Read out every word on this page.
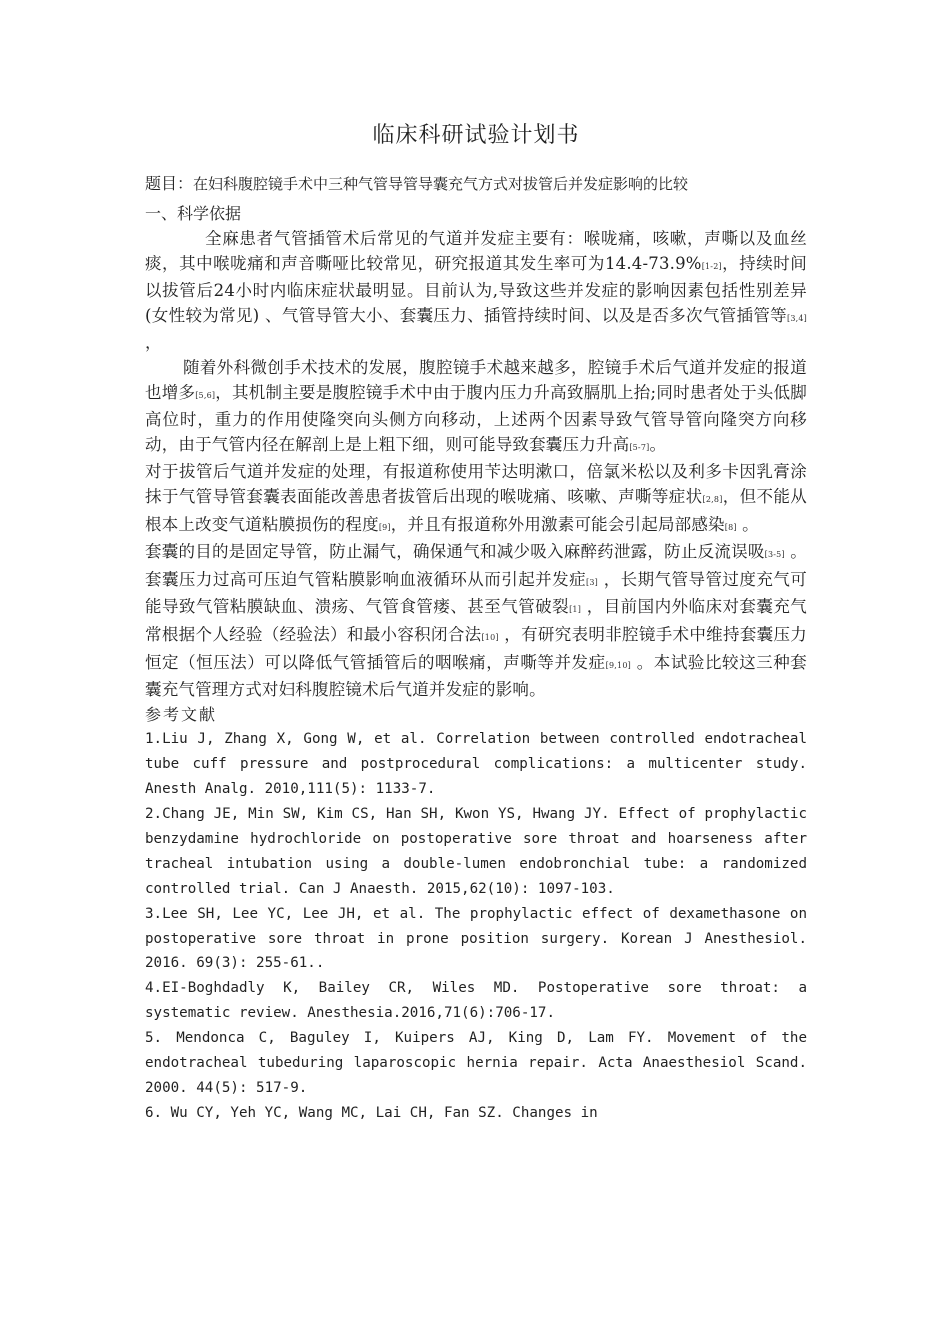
临床科研试验计划书
题目：在妇科腹腔镜手术中三种气管导管导囊充气方式对拔管后并发症影响的比较
一、科学依据

全麻患者气管插管术后常见的气道并发症主要有：喉咙痛，咳嗽，声嘶以及血丝痰，其中喉咙痛和声音嘶哑比较常见，研究报道其发生率可为14.4-73.9%[1-2]，持续时间以拔管后24小时内临床症状最明显。目前认为,导致这些并发症的影响因素包括性别差异(女性较为常见) 、气管导管大小、套囊压力、插管持续时间、以及是否多次气管插管等[3,4] ，

随着外科微创手术技术的发展，腹腔镜手术越来越多，腔镜手术后气道并发症的报道也增多[5,6]，其机制主要是腹腔镜手术中由于腹内压力升高致膈肌上抬;同时患者处于头低脚高位时，重力的作用使隆突向头侧方向移动，上述两个因素导致气管导管向隆突方向移动，由于气管内径在解剖上是上粗下细，则可能导致套囊压力升高[5-7]。

对于拔管后气道并发症的处理，有报道称使用苄达明漱口，倍氯米松以及利多卡因乳膏涂抹于气管导管套囊表面能改善患者拔管后出现的喉咙痛、咳嗽、声嘶等症状[2,8]，但不能从根本上改变气道粘膜损伤的程度[9]，并且有报道称外用激素可能会引起局部感染[8] 。

套囊的目的是固定导管，防止漏气，确保通气和减少吸入麻醉药泄露，防止反流误吸[3-5] 。套囊压力过高可压迫气管粘膜影响血液循环从而引起并发症[3] ，长期气管导管过度充气可能导致气管粘膜缺血、溃疡、气管食管瘘、甚至气管破裂[1] ，目前国内外临床对套囊充气常根据个人经验（经验法）和最小容积闭合法[10] ，有研究表明非腔镜手术中维持套囊压力恒定（恒压法）可以降低气管插管后的咽喉痛，声嘶等并发症[9,10] 。本试验比较这三种套囊充气管理方式对妇科腹腔镜术后气道并发症的影响。

参考文献
1.Liu J, Zhang X, Gong W, et al. Correlation between controlled endotracheal tube cuff pressure and postprocedural complications: a multicenter study. Anesth Analg. 2010,111(5): 1133-7.
2.Chang JE, Min SW, Kim CS, Han SH, Kwon YS, Hwang JY. Effect of prophylactic benzydamine hydrochloride on postoperative sore throat and hoarseness after tracheal intubation using a double-lumen endobronchial tube: a randomized controlled trial. Can J Anaesth. 2015,62(10): 1097-103.
3.Lee SH, Lee YC, Lee JH, et al. The prophylactic effect of dexamethasone on postoperative sore throat in prone position surgery. Korean J Anesthesiol. 2016. 69(3): 255-61..
4.EI-Boghdadly K, Bailey CR, Wiles MD. Postoperative sore throat: a systematic review. Anesthesia.2016,71(6):706-17.
5. Mendonca C, Baguley I, Kuipers AJ, King D, Lam FY. Movement of the endotracheal tubeduring laparoscopic hernia repair. Acta Anaesthesiol Scand. 2000. 44(5): 517-9.
6. Wu CY, Yeh YC, Wang MC, Lai CH, Fan SZ. Changes in
